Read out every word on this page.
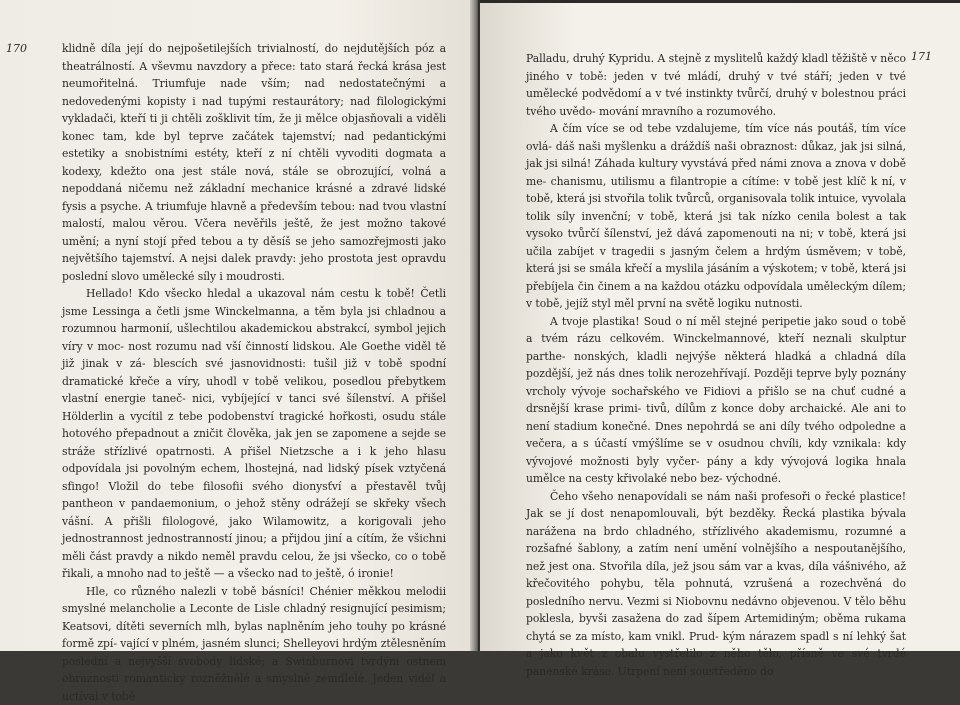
170	klidně díla její do nejpošetilejších trivialností, do nejdutějších póz a theatrálností. A vševmu navzdory a přece: tato stará řecká krása jest neumořitelná. Triumfuje nade vším; nad nedostatečnými a nedovedenými kopisty i nad tupými restaurátory; nad filologickými vykladači, kteří ti ji chtěli zošklivit tím, že ji mělce objasňovali a viděli konec tam, kde byl teprve začátek tajemství; nad pedantickými estetiky a snobistními estéty, kteří z ní chtěli vyvoditi dogmata a kodexy, kdežto ona jest stále nová, stále se obrozující, volná a nepoddaná ničemu než základní mechanice krásné a zdravé lidské fysis a psyche. A triumfuje hlavně a především tebou: nad tvou vlastní malostí, malou věrou. Včera nevěřils ještě, že jest možno takové umění; a nyní stojí před tebou a ty děsíš se jeho samozřejmosti jako největšího tajemství. A nejsi dalek pravdy: jeho prostota jest opravdu poslední slovo umělecké síly i moudrosti.

Hellado! Kdo všecko hledal a ukazoval nám cestu k tobě! Četli jsme Lessinga a četli jsme Winckelmanna, a těm byla jsi chladnou a rozumnou harmonií, ušlechtilou akademickou abstrakcí, symbol jejich víry v moc- nost rozumu nad vší činností lidskou. Ale Goethe viděl tě již jinak v zá- blescích své jasnovidnosti: tušil již v tobě spodní dramatické křeče a víry, uhodl v tobě velikou, posedlou přebytkem vlastní energie taneč- nici, vybíjející v tanci své šílenství. A přišel Hölderlin a vycítil z tebe podobenství tragické hořkosti, osudu stále hotového přepadnout a zničit člověka, jak jen se zapomene a sejde se stráže střízlivé opatrnosti. A přišel Nietzsche a i k jeho hlasu odpovídala jsi povolným echem, lhostejná, nad lidský písek vztyčená sfingo! Vložil do tebe filosofii svého dionysťví a přestavěl tvůj pantheon v pandaemonium, o jehož stěny odrážejí se skřeky všech vášní. A přišli filologové, jako Wilamowitz, a korigovali jeho jednostrannost jednostranností jinou; a přijdou jiní a cítím, že všichni měli část pravdy a nikdo neměl pravdu celou, že jsi všecko, co o tobě řikali, a mnoho nad to ještě — a všecko nad to ještě, ó ironie!

Hle, co různého nalezli v tobě básníci! Chénier měkkou melodii smyslné melancholie a Leconte de Lisle chladný resignující pesimism; Keatsovi, dítěti severních mlh, bylas naplněním jeho touhy po krásné formě zpí- vající v plném, jasném slunci; Shelleyovi hrdým ztělesněním poslední a nejvyšší svobody lidské; a Swinburnovi tvrdým ostnem obraznosti romanticky rozněžnělé a smyslně zemdlelé. Jeden viděl a uctíval v tobě

171

Palladu, druhý Kypridu. A stejně z myslitelů každý kladl těžiště v něco jiného v tobě: jeden v tvé mládí, druhý v tvé stáří; jeden v tvé umělecké podvědomí a v tvé instinkty tvůrčí, druhý v bolestnou práci tvého uvědo- mování mravního a rozumového.

A čím více se od tebe vzdalujeme, tím více nás poutáš, tím více ovlá- dáš naši myšlenku a dráždíš naši obraznost: důkaz, jak jsi silná, jak jsi silná! Záhada kultury vyvstává před námi znova a znova v době me- chanismu, utilismu a filantropie a cítíme: v tobě jest klíč k ní, v tobě, která jsi stvořila tolik tvůrců, organisovala tolik intuice, vyvolala tolik síly invenční; v tobě, která jsi tak nízko cenila bolest a tak vysoko tvůrčí šílenství, jež dává zapomenouti na ni; v tobě, která jsi učila zabíjet v tragedii s jasným čelem a hrdým úsměvem; v tobě, která jsi se smála křečí a myslila jásáním a výskotem; v tobě, která jsi přebíjela čin činem a na každou otázku odpovídala uměleckým dílem; v tobě, jejíž styl měl první na světě logiku nutnosti.

A tvoje plastika! Soud o ní měl stejné peripetie jako soud o tobě a tvém rázu celkovém. Winckelmannové, kteří neznali skulptur parthe- nonských, kladli nejvýše některá hladká a chladná díla pozdější, jež nás dnes tolik nerozehřívají. Později teprve byly poznány vrcholy vývoje sochařského ve Fidiovi a přišlo se na chuť cudné a drsnější krase primi- tivů, dílům z konce doby archaické. Ale ani to není stadium konečné. Dnes nepohrdá se ani díly tvého odpoledne a večera, a s účastí vmýšlíme se v osudnou chvíli, kdy vznikala: kdy vývojové možnosti byly vyčer- pány a kdy vývojová logika hnala umělce na cesty křivolaké nebo bez- východné.

Čeho všeho nenapovídali se nám naši profesoři o řecké plastice! Jak se jí dost nenapomlouvali, být bezděky. Řecká plastika bývala narážena na brdo chladného, střízlivého akademismu, rozumné a rozšafné šablony, a zatím není umění volnějšího a nespoutanějšího, než jest ona. Stvořila díla, jež jsou sám var a kvas, díla vášnivého, až křečovitého pohybu, těla pohnutá, vzrušená a rozechvěná do posledního nervu. Vezmi si Niobovnu nedávno objevenou. V tělo běhu poklesla, byvši zasažena do zad šípem Artemidiným; oběma rukama chytá se za místo, kam vnikl. Prud- kým nárazem spadl s ní lehký šat a jako květ z obalu vystřelilo z něho tělo, přísně ve své tvrdé panenské kráse. Utrpení není soustředěno do
